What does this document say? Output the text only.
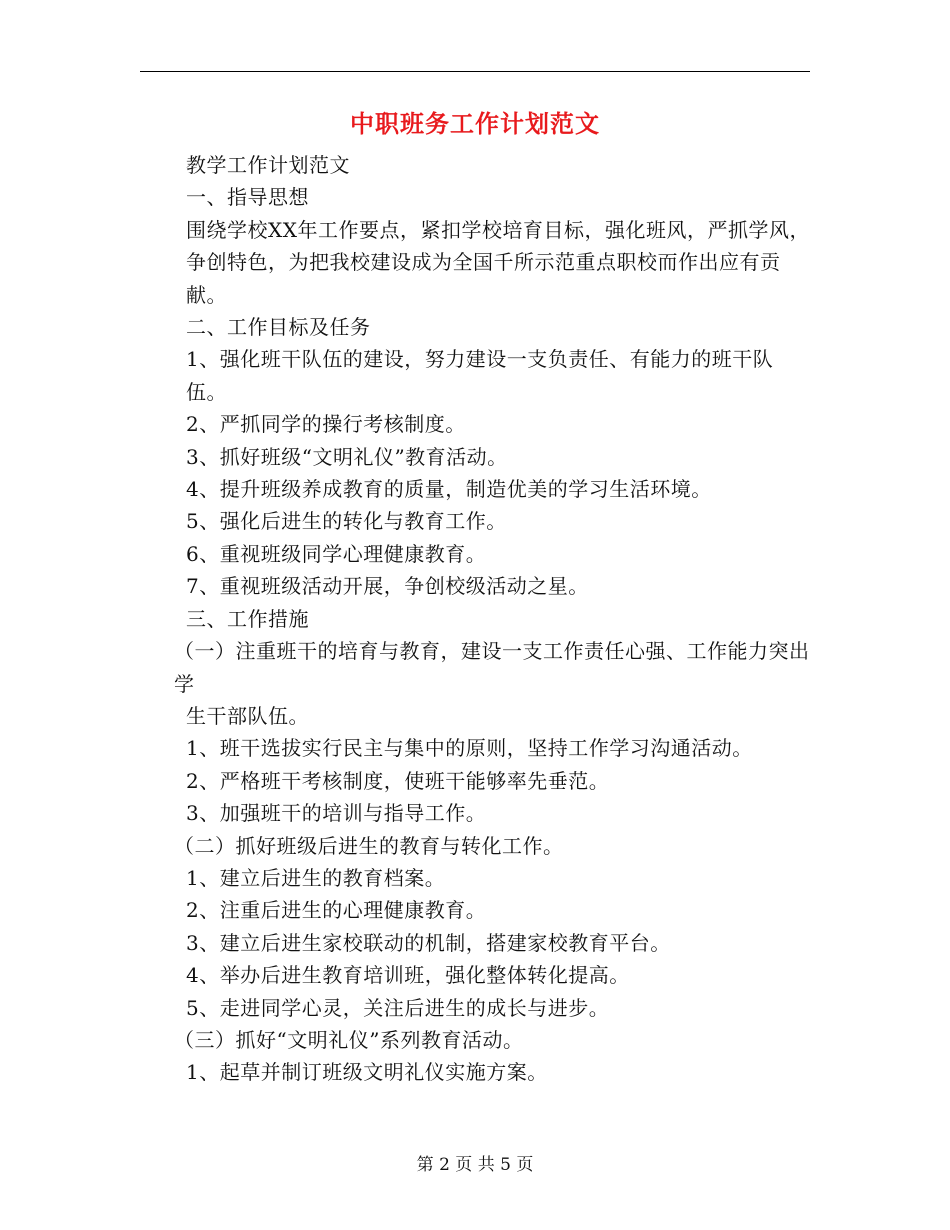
中职班务工作计划范文

教学工作计划范文

一、指导思想

围绕学校XX年工作要点，紧扣学校培育目标，强化班风，严抓学风，争创特色，为把我校建设成为全国千所示范重点职校而作出应有贡献。

二、工作目标及任务

1、强化班干队伍的建设，努力建设一支负责任、有能力的班干队伍。

2、严抓同学的操行考核制度。

3、抓好班级“文明礼仪”教育活动。

4、提升班级养成教育的质量，制造优美的学习生活环境。

5、强化后进生的转化与教育工作。

6、重视班级同学心理健康教育。

7、重视班级活动开展，争创校级活动之星。

三、工作措施

（一）注重班干的培育与教育，建设一支工作责任心强、工作能力突出学

生干部队伍。

1、班干选拔实行民主与集中的原则，坚持工作学习沟通活动。

2、严格班干考核制度，使班干能够率先垂范。

3、加强班干的培训与指导工作。

（二）抓好班级后进生的教育与转化工作。

1、建立后进生的教育档案。

2、注重后进生的心理健康教育。

3、建立后进生家校联动的机制，搭建家校教育平台。

4、举办后进生教育培训班，强化整体转化提高。

5、走进同学心灵，关注后进生的成长与进步。

（三）抓好“文明礼仪”系列教育活动。

1、起草并制订班级文明礼仪实施方案。

第 2 页 共 5 页
